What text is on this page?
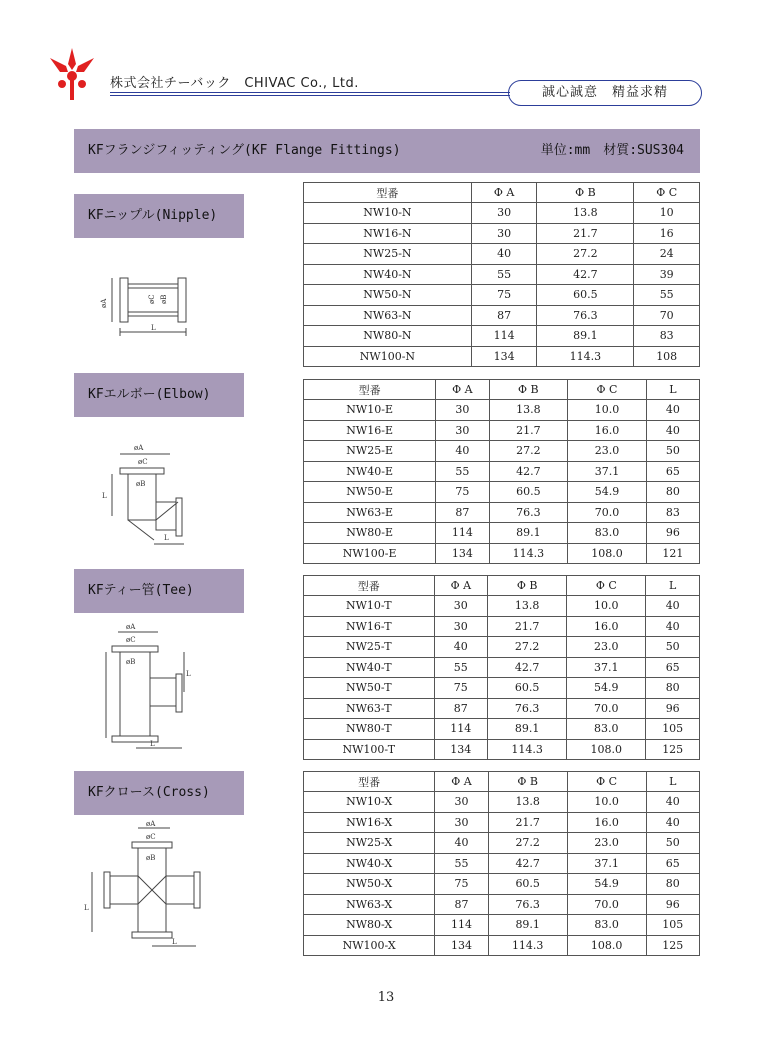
株式会社チーバック　CHIVAC Co., Ltd.
誠心誠意　精益求精
KFフランジフィッティング(KF Flange Fittings)	単位:mm　材質:SUS304
KFニップル(Nipple)
KFエルボー(Elbow)
KFティー管(Tee)
KFクロース(Cross)
型番	Φ A	Φ B	Φ C
NW10-N	30	13.8	10
NW16-N	30	21.7	16
NW25-N	40	27.2	24
NW40-N	55	42.7	39
NW50-N	75	60.5	55
NW63-N	87	76.3	70
NW80-N	114	89.1	83
NW100-N	134	114.3	108
型番	Φ A	Φ B	Φ C	L
NW10-E	30	13.8	10.0	40
NW16-E	30	21.7	16.0	40
NW25-E	40	27.2	23.0	50
NW40-E	55	42.7	37.1	65
NW50-E	75	60.5	54.9	80
NW63-E	87	76.3	70.0	83
NW80-E	114	89.1	83.0	96
NW100-E	134	114.3	108.0	121
型番	Φ A	Φ B	Φ C	L
NW10-T	30	13.8	10.0	40
NW16-T	30	21.7	16.0	40
NW25-T	40	27.2	23.0	50
NW40-T	55	42.7	37.1	65
NW50-T	75	60.5	54.9	80
NW63-T	87	76.3	70.0	96
NW80-T	114	89.1	83.0	105
NW100-T	134	114.3	108.0	125
型番	Φ A	Φ B	Φ C	L
NW10-X	30	13.8	10.0	40
NW16-X	30	21.7	16.0	40
NW25-X	40	27.2	23.0	50
NW40-X	55	42.7	37.1	65
NW50-X	75	60.5	54.9	80
NW63-X	87	76.3	70.0	96
NW80-X	114	89.1	83.0	105
NW100-X	134	114.3	108.0	125
øA	øC øB
L
øA
øC
øB
L
L
øA
øC
øB
L
L
øA
øC
øB
L
L
13
